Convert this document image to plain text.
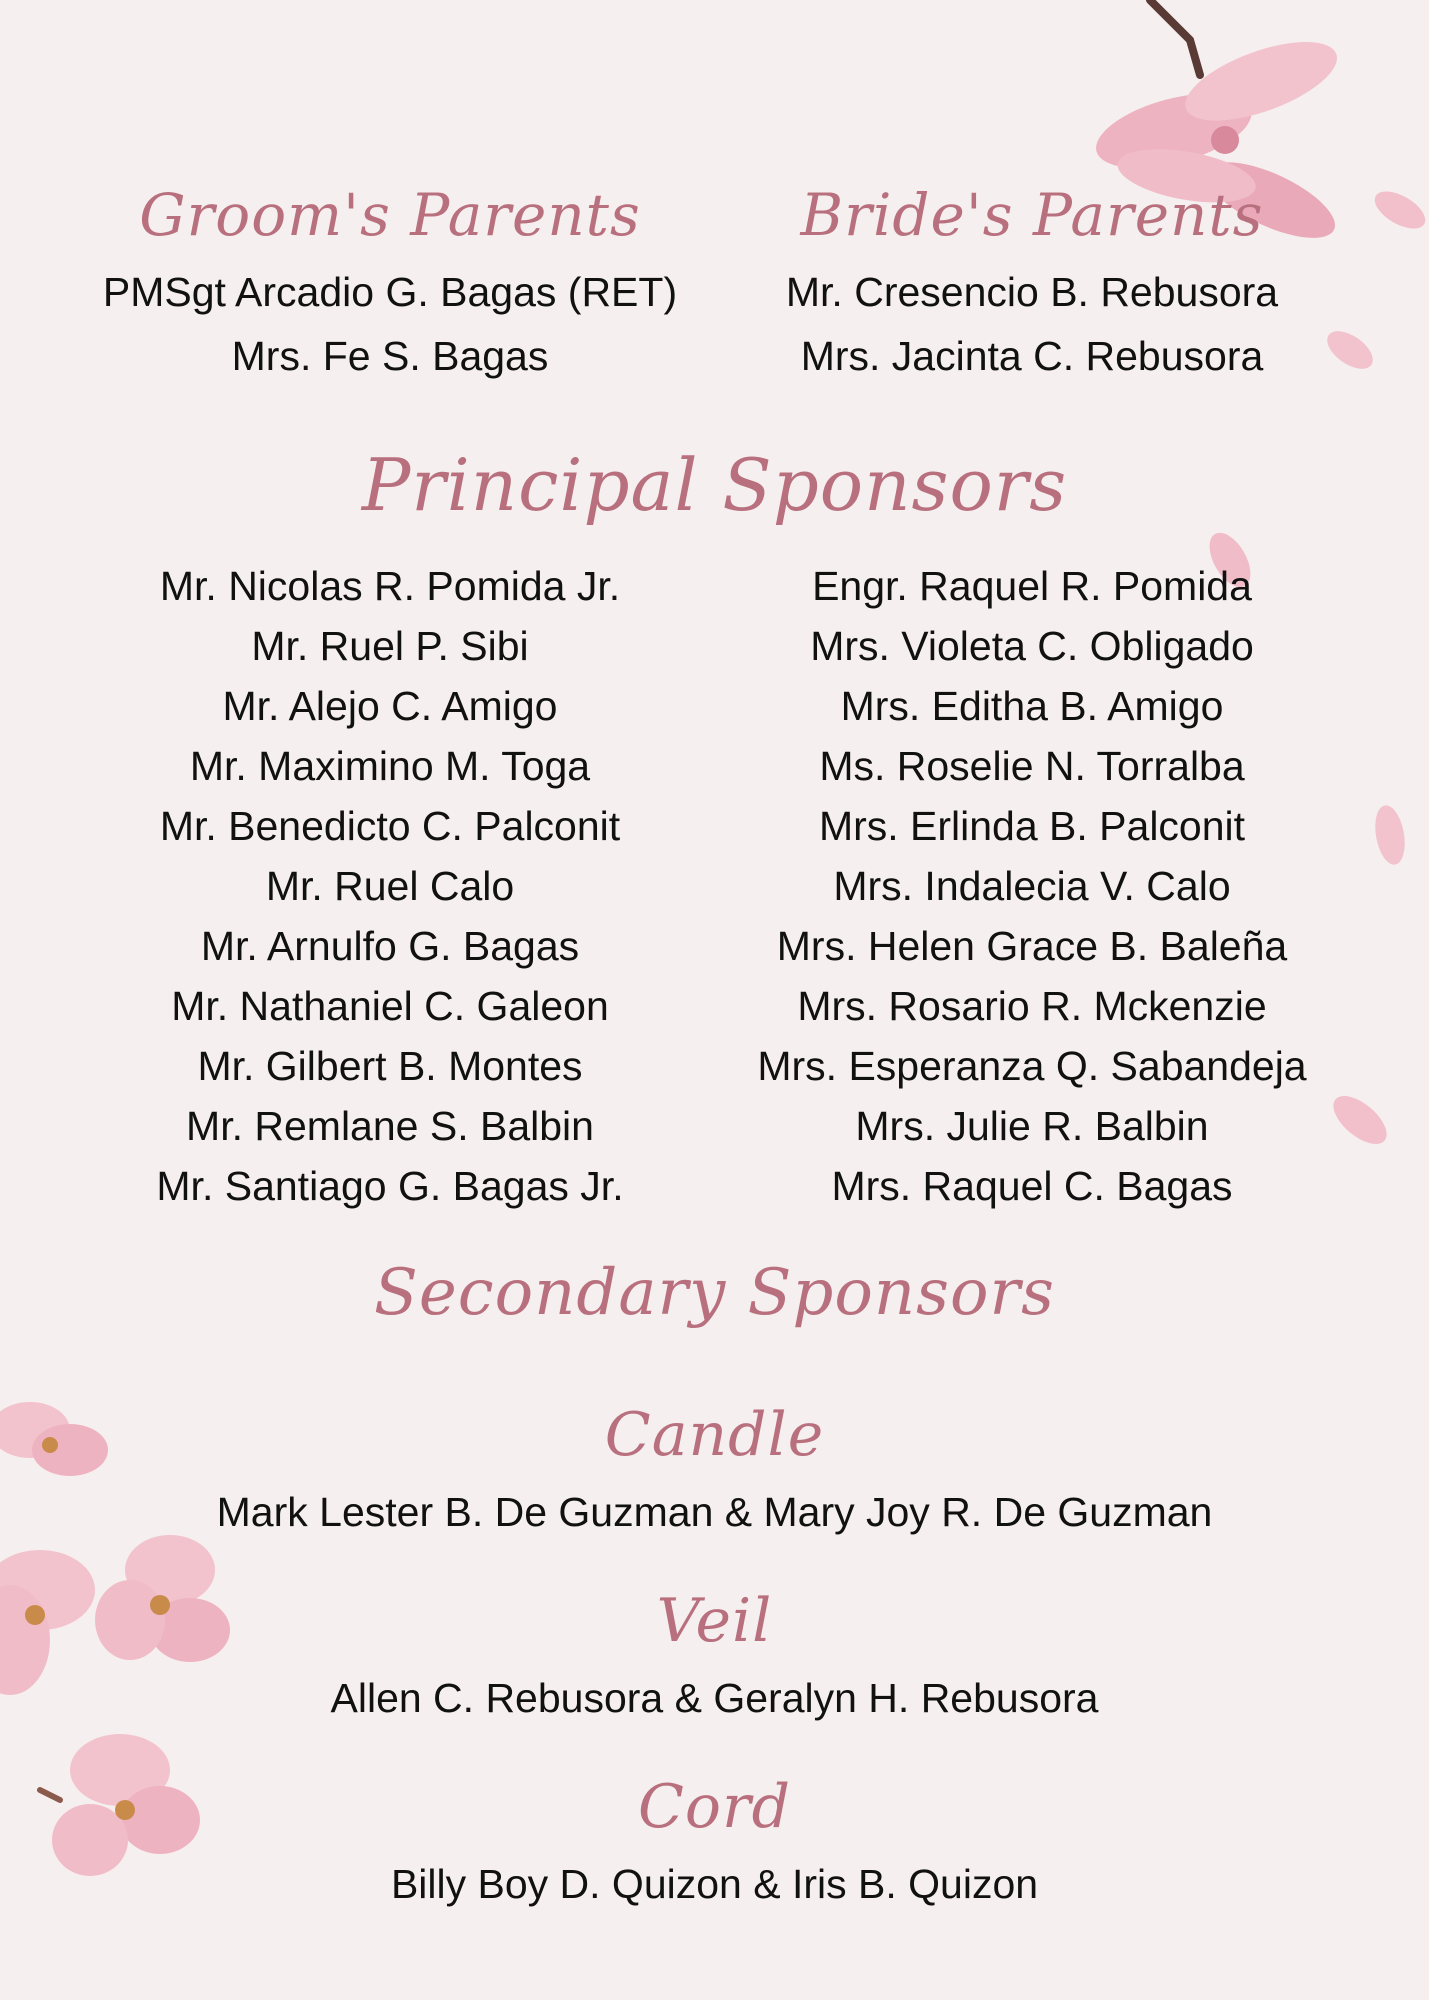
Groom's Parents
PMSgt Arcadio G. Bagas (RET)
Mrs. Fe S. Bagas
Bride's Parents
Mr. Cresencio B. Rebusora
Mrs. Jacinta C. Rebusora
Principal Sponsors
Mr. Nicolas R. Pomida Jr.
Mr. Ruel P. Sibi
Mr. Alejo C. Amigo
Mr. Maximino M. Toga
Mr. Benedicto C. Palconit
Mr. Ruel Calo
Mr. Arnulfo G. Bagas
Mr. Nathaniel C. Galeon
Mr. Gilbert B. Montes
Mr. Remlane S. Balbin
Mr. Santiago G. Bagas Jr.
Engr. Raquel R. Pomida
Mrs. Violeta C. Obligado
Mrs. Editha B. Amigo
Ms. Roselie N. Torralba
Mrs. Erlinda B. Palconit
Mrs. Indalecia V. Calo
Mrs. Helen Grace B. Baleña
Mrs. Rosario R. Mckenzie
Mrs. Esperanza Q. Sabandeja
Mrs. Julie R. Balbin
Mrs. Raquel C. Bagas
Secondary Sponsors
Candle
Mark Lester B. De Guzman & Mary Joy R. De Guzman
Veil
Allen C. Rebusora & Geralyn H. Rebusora
Cord
Billy Boy D. Quizon & Iris B. Quizon
